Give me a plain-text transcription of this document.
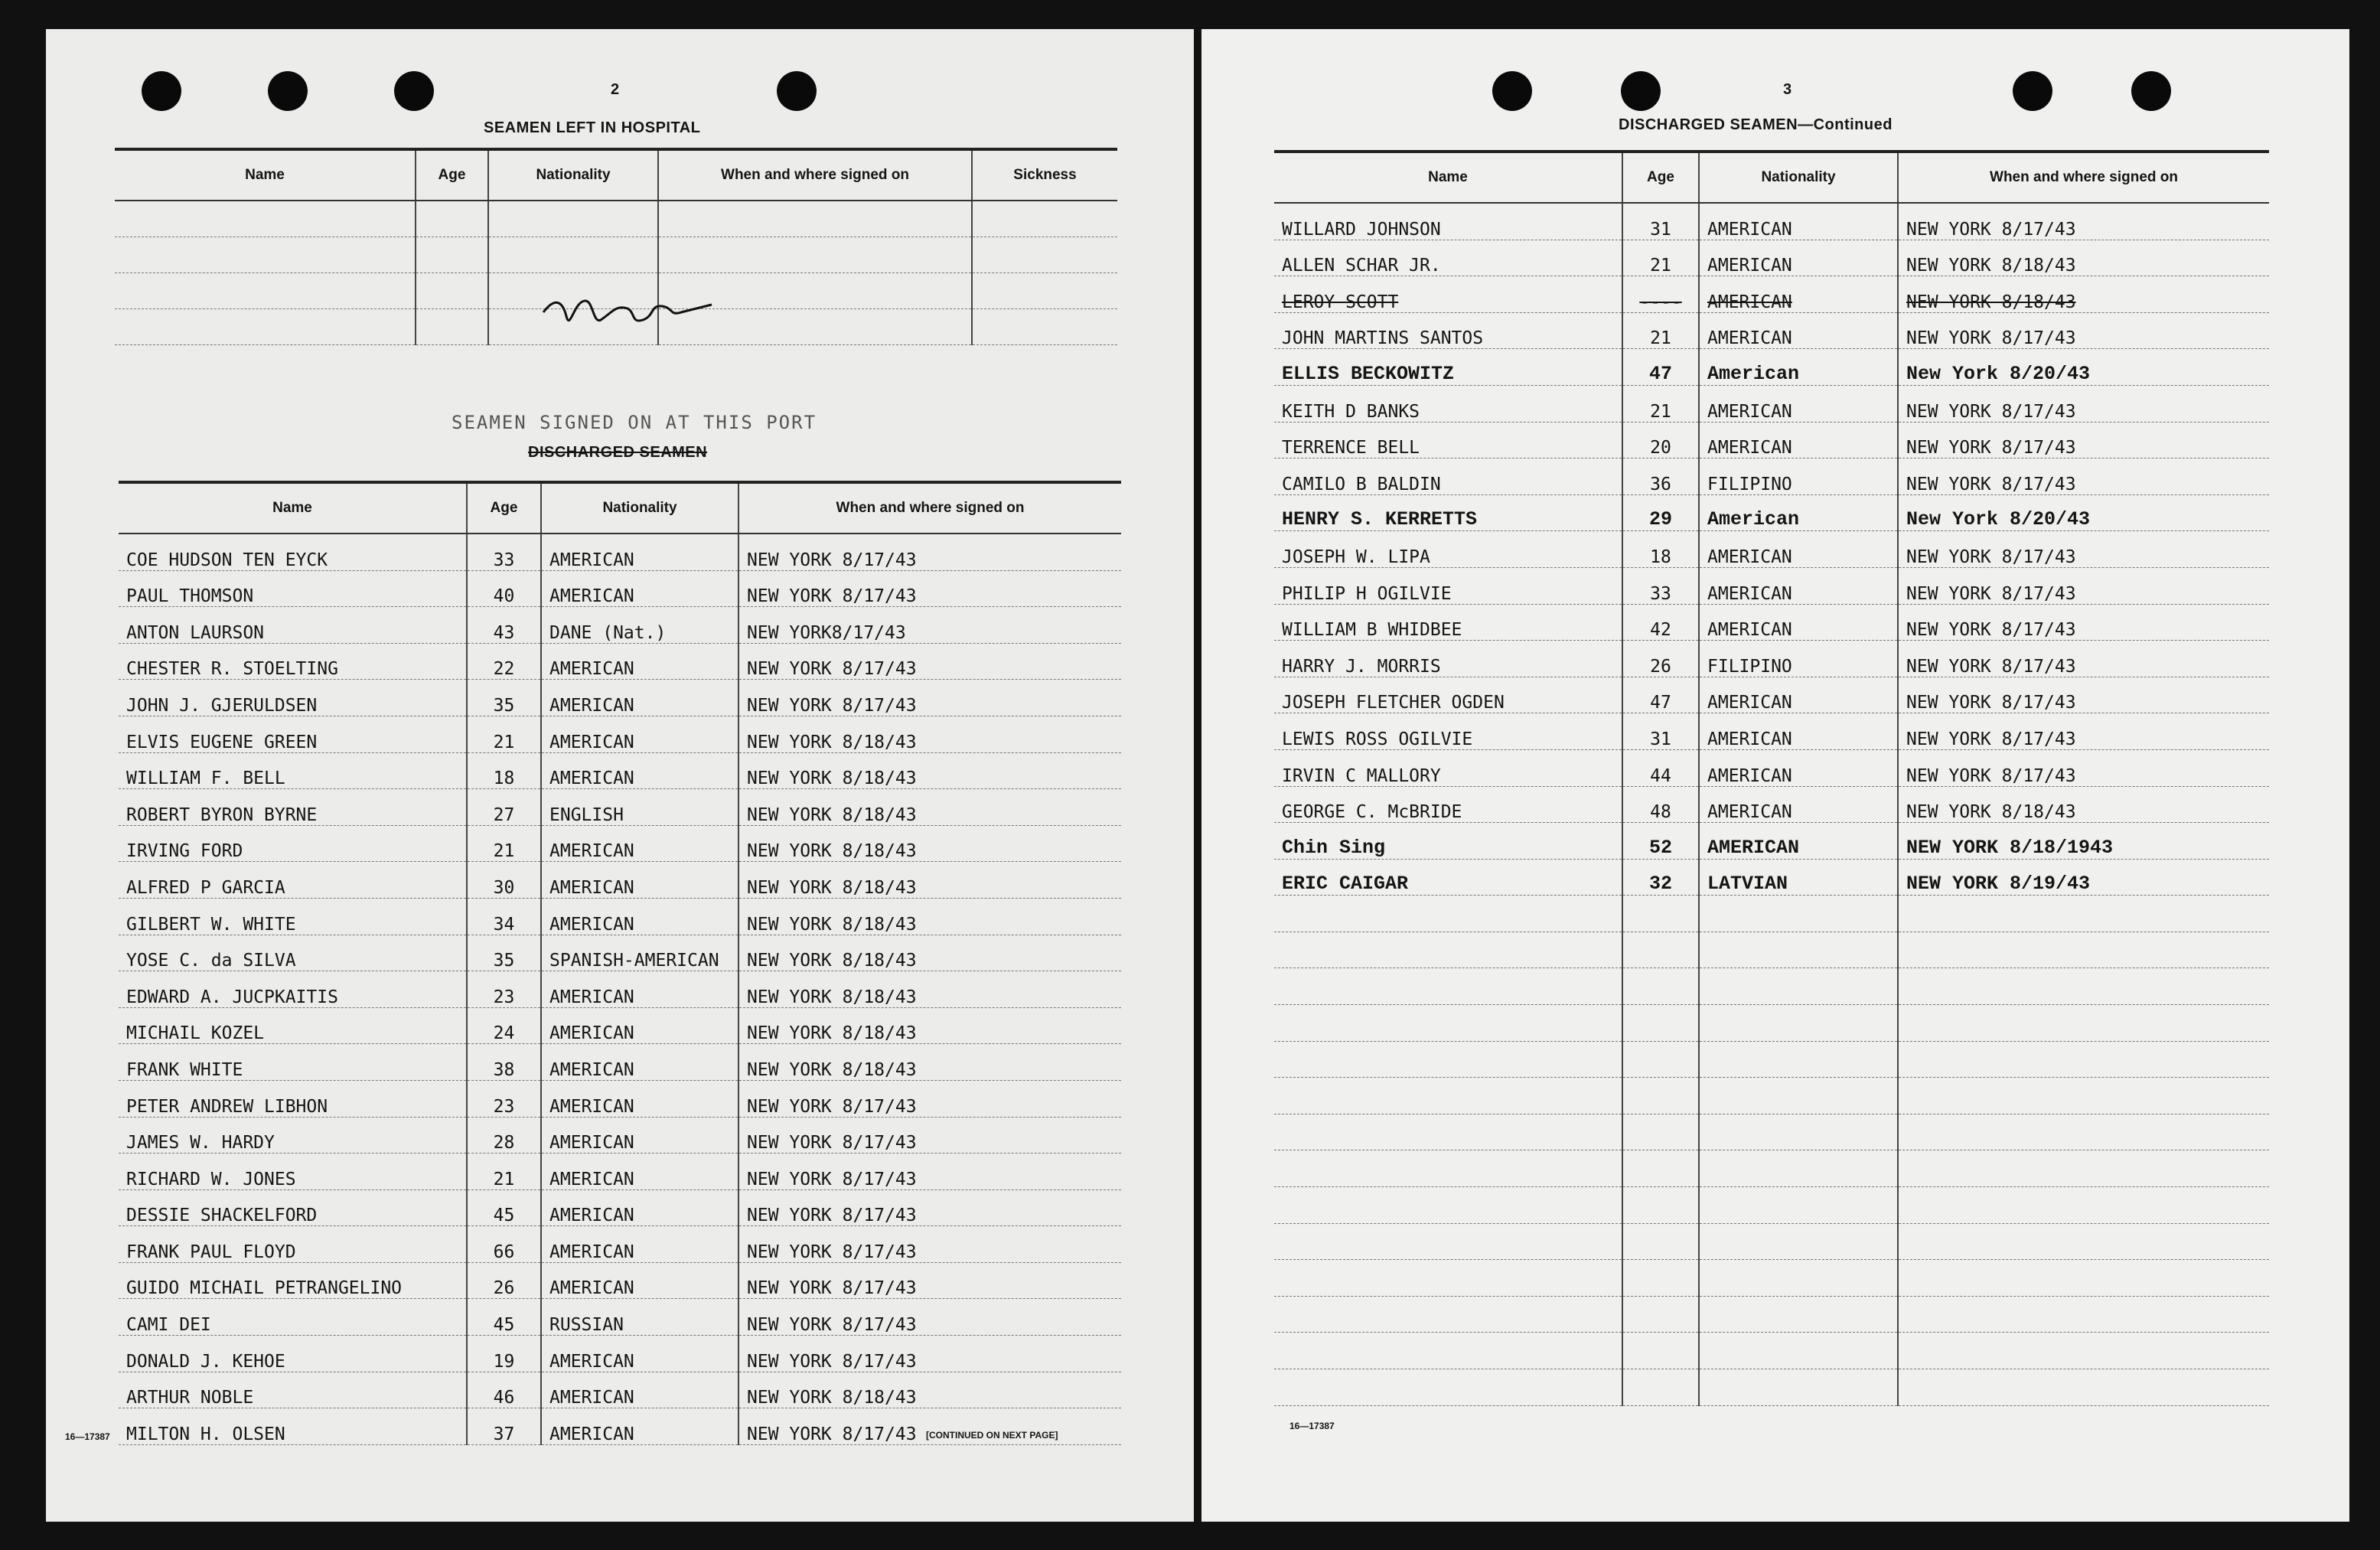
2
SEAMEN LEFT IN HOSPITAL
Name	Age	Nationality	When and where signed on	Sickness

SEAMEN SIGNED ON AT THIS PORT
DISCHARGED SEAMEN
Name	Age	Nationality	When and where signed on
COE HUDSON TEN EYCK	33	AMERICAN	NEW YORK 8/17/43
PAUL THOMSON	40	AMERICAN	NEW YORK 8/17/43
ANTON LAURSON	43	DANE (Nat.)	NEW YORK8/17/43
CHESTER R. STOELTING	22	AMERICAN	NEW YORK 8/17/43
JOHN J. GJERULDSEN	35	AMERICAN	NEW YORK 8/17/43
ELVIS EUGENE GREEN	21	AMERICAN	NEW YORK 8/18/43
WILLIAM F. BELL	18	AMERICAN	NEW YORK 8/18/43
ROBERT BYRON BYRNE	27	ENGLISH	NEW YORK 8/18/43
IRVING FORD	21	AMERICAN	NEW YORK 8/18/43
ALFRED P GARCIA	30	AMERICAN	NEW YORK 8/18/43
GILBERT W. WHITE	34	AMERICAN	NEW YORK 8/18/43
YOSE C. da SILVA	35	SPANISH-AMERICAN	NEW YORK 8/18/43
EDWARD A. JUCPKAITIS	23	AMERICAN	NEW YORK 8/18/43
MICHAIL KOZEL	24	AMERICAN	NEW YORK 8/18/43
FRANK WHITE	38	AMERICAN	NEW YORK 8/18/43
PETER ANDREW LIBHON	23	AMERICAN	NEW YORK 8/17/43
JAMES W. HARDY	28	AMERICAN	NEW YORK 8/17/43
RICHARD W. JONES	21	AMERICAN	NEW YORK 8/17/43
DESSIE SHACKELFORD	45	AMERICAN	NEW YORK 8/17/43
FRANK PAUL FLOYD	66	AMERICAN	NEW YORK 8/17/43
GUIDO MICHAIL PETRANGELINO	26	AMERICAN	NEW YORK 8/17/43
CAMI DEI	45	RUSSIAN	NEW YORK 8/17/43
DONALD J. KEHOE	19	AMERICAN	NEW YORK 8/17/43
ARTHUR NOBLE	46	AMERICAN	NEW YORK 8/18/43
MILTON H. OLSEN	37	AMERICAN	NEW YORK 8/17/43
16—17387	[CONTINUED ON NEXT PAGE]
3
DISCHARGED SEAMEN—Continued
Name	Age	Nationality	When and where signed on
WILLARD JOHNSON	31	AMERICAN	NEW YORK 8/17/43
ALLEN SCHAR JR.	21	AMERICAN	NEW YORK 8/18/43
LEROY SCOTT	----	AMERICAN	NEW YORK 8/18/43
JOHN MARTINS SANTOS	21	AMERICAN	NEW YORK 8/17/43
ELLIS BECKOWITZ	47	American	New York 8/20/43
KEITH D BANKS	21	AMERICAN	NEW YORK 8/17/43
TERRENCE BELL	20	AMERICAN	NEW YORK 8/17/43
CAMILO B BALDIN	36	FILIPINO	NEW YORK 8/17/43
HENRY S. KERRETTS	29	American	New York 8/20/43
JOSEPH W. LIPA	18	AMERICAN	NEW YORK 8/17/43
PHILIP H OGILVIE	33	AMERICAN	NEW YORK 8/17/43
WILLIAM B WHIDBEE	42	AMERICAN	NEW YORK 8/17/43
HARRY J. MORRIS	26	FILIPINO	NEW YORK 8/17/43
JOSEPH FLETCHER OGDEN	47	AMERICAN	NEW YORK 8/17/43
LEWIS ROSS OGILVIE	31	AMERICAN	NEW YORK 8/17/43
IRVIN C MALLORY	44	AMERICAN	NEW YORK 8/17/43
GEORGE C. McBRIDE	48	AMERICAN	NEW YORK 8/18/43
Chin Sing	52	AMERICAN	NEW YORK 8/18/1943
ERIC CAIGAR	32	LATVIAN	NEW YORK 8/19/43

16—17387
